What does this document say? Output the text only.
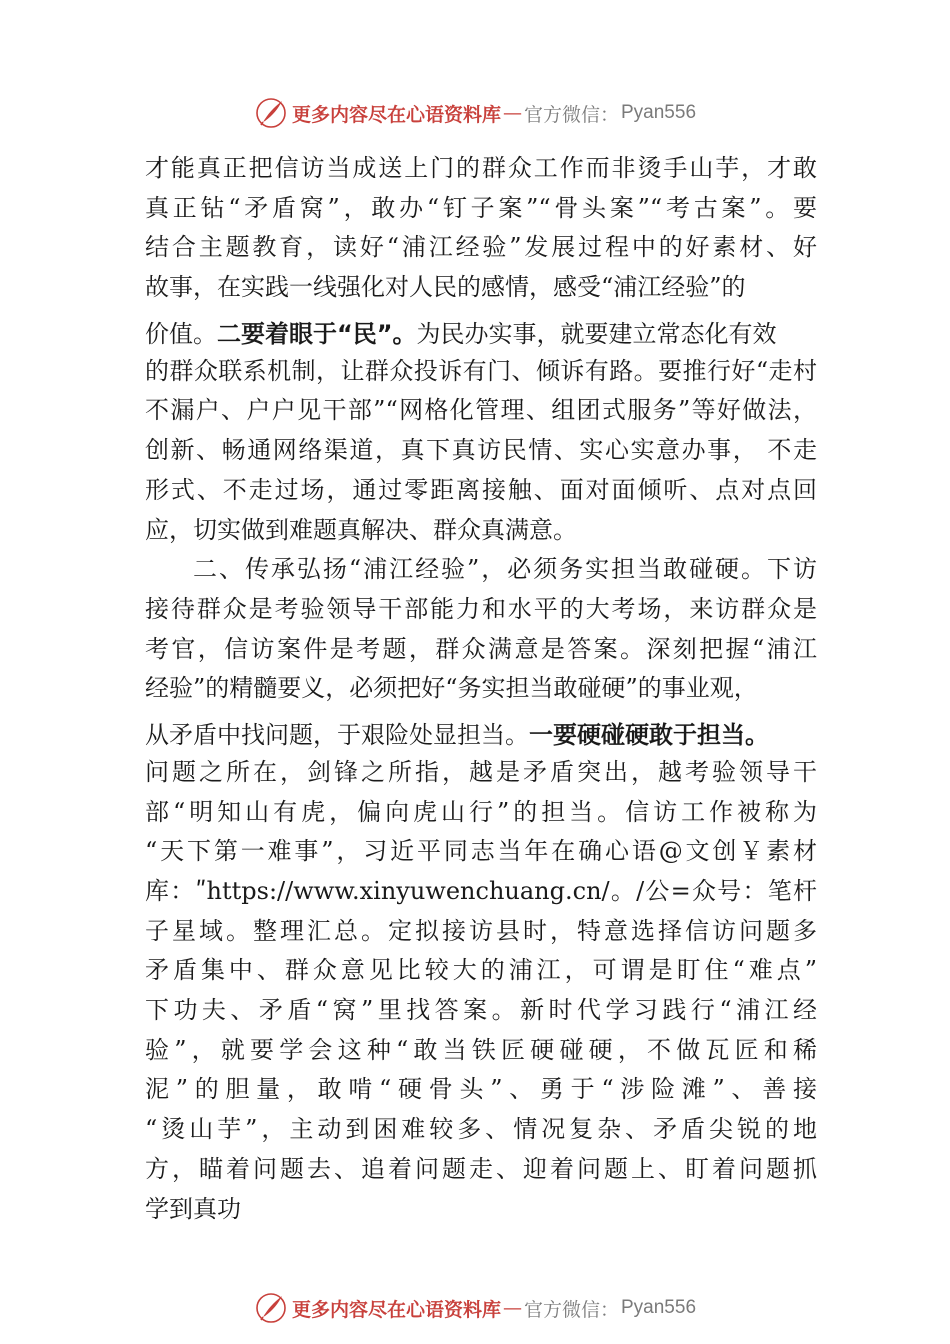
更多内容尽在心语资料库 — 官方微信： Pyan556
才能真正把信访当成送上门的群众工作而非烫手山芋，才敢
真正钻“矛盾窝”，敢办“钉子案”“骨头案”“考古案”。要
结合主题教育，读好“浦江经验”发展过程中的好素材、好
故事，在实践一线强化对人民的感情，感受“浦江经验”的
价值。二要着眼于“民”。为民办实事，就要建立常态化有效
的群众联系机制，让群众投诉有门、倾诉有路。要推行好“走村
不漏户、户户见干部”“网格化管理、组团式服务”等好做法，
创新、畅通网络渠道，真下真访民情、实心实意办事， 不走
形式、不走过场，通过零距离接触、面对面倾听、点对点回
应，切实做到难题真解决、群众真满意。
二、传承弘扬“浦江经验”，必须务实担当敢碰硬。下访
接待群众是考验领导干部能力和水平的大考场，来访群众是
考官，信访案件是考题，群众满意是答案。深刻把握“浦江
经验”的精髓要义，必须把好“务实担当敢碰硬”的事业观，
从矛盾中找问题，于艰险处显担当。一要硬碰硬敢于担当。
问题之所在，剑锋之所指，越是矛盾突出，越考验领导干
部“明知山有虎，偏向虎山行”的担当。信访工作被称为
“天下第一难事”，习近平同志当年在确心语@文创￥素材
库：ʺhttps://www.xinyuwenchuang.cn/。/公=众号：笔杆
子星域。整理汇总。定拟接访县时，特意选择信访问题多
矛盾集中、群众意见比较大的浦江，可谓是盯住“难点”
下功夫、矛盾“窝”里找答案。新时代学习践行“浦江经
验”，就要学会这种“敢当铁匠硬碰硬，不做瓦匠和稀
泥”的胆量，敢啃“硬骨头”、勇于“涉险滩”、善接
“烫山芋”，主动到困难较多、情况复杂、矛盾尖锐的地
方，瞄着问题去、追着问题走、迎着问题上、盯着问题抓
学到真功
更多内容尽在心语资料库 — 官方微信： Pyan556
